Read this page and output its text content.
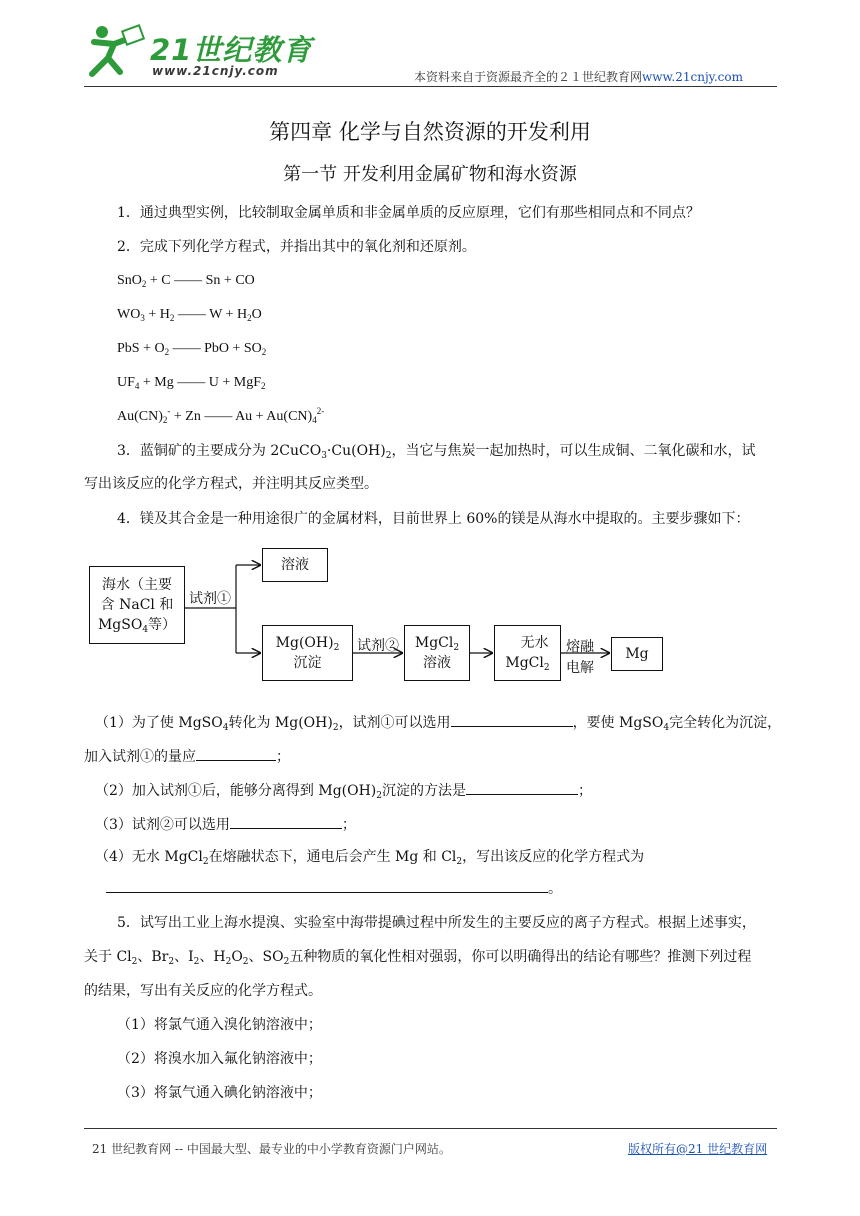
21世纪教育
www.21cnjy.com	本资料来自于资源最齐全的２１世纪教育网www.21cnjy.com
第四章 化学与自然资源的开发利用
第一节 开发利用金属矿物和海水资源
1．通过典型实例，比较制取金属单质和非金属单质的反应原理，它们有那些相同点和不同点？
2．完成下列化学方程式，并指出其中的氧化剂和还原剂。
SnO$_2$ + C —— Sn + CO
$WO_3 + H_2$ —— $W + H_2O$
PbS + $O_2$ —— PbO + $SO_2$
$UF_4 + Mg$ —— U + MgF$_2$
$Au(CN)_2^- + Zn$ —— $Au + Au(CN)_4^{2-}$
3．蓝铜矿的主要成分为 $2CuCO_3\cdot Cu(OH)_2$，当它与焦炭一起加热时，可以生成铜、二氧化碳和水，试
写出该反应的化学方程式，并注明其反应类型。
4．镁及其合金是一种用途很广的金属材料，目前世界上 60%的镁是从海水中提取的。主要步骤如下：
海水（主要
含 NaCl 和
MgSO$_4$等）
试剂①
溶液
$Mg(OH)_2$
沉淀
试剂②	MgCl$_2$
溶液
无水
MgCl$_2$
熔融
电解
Mg
（1）为了使 MgSO$_4$转化为 $Mg(OH)_2$，试剂①可以选用	，要使 MgSO$_4$完全转化为沉淀，
加入试剂①的量应	；
（2）加入试剂①后，能够分离得到 $Mg(OH)_2$沉淀的方法是	；
（3）试剂②可以选用	；
（4）无水 MgCl$_2$在熔融状态下，通电后会产生 Mg 和 $Cl_2$，写出该反应的化学方程式为
。
5．试写出工业上海水提溴、实验室中海带提碘过程中所发生的主要反应的离子方程式。根据上述事实，
关于 $Cl_2$、$Br_2$、$I_2$、$H_2O_2$、$SO_2$五种物质的氧化性相对强弱，你可以明确得出的结论有哪些？推测下列过程
的结果，写出有关反应的化学方程式。
（1）将氯气通入溴化钠溶液中；
（2）将溴水加入氟化钠溶液中；
（3）将氯气通入碘化钠溶液中；
21 世纪教育网 -- 中国最大型、最专业的中小学教育资源门户网站。	版权所有@21 世纪教育网
